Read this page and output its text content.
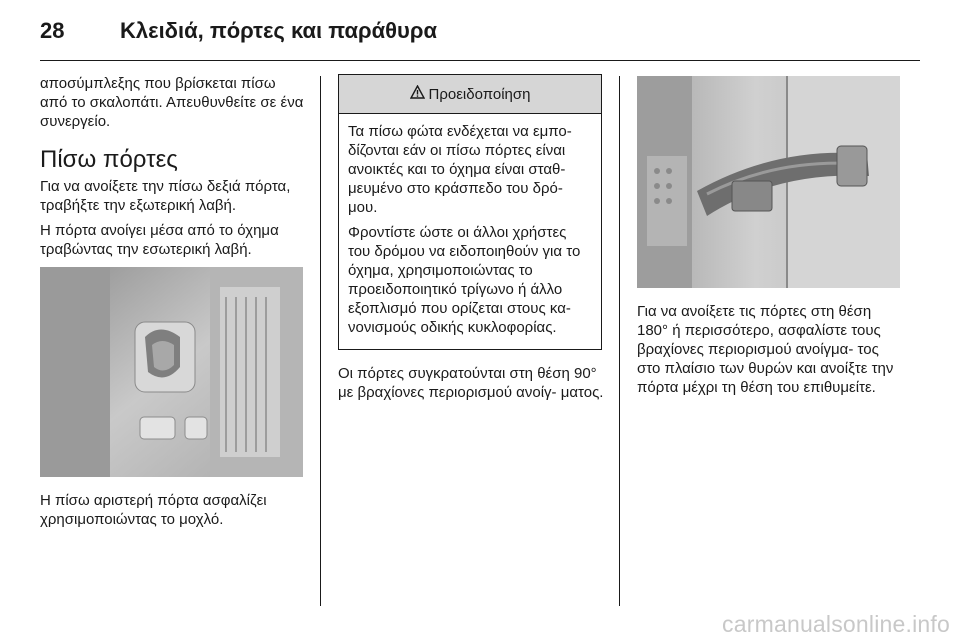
28	Κλειδιά, πόρτες και παράθυρα

αποσύμπλεξης που βρίσκεται πίσω από το σκαλοπάτι. Απευθυνθείτε σε ένα συνεργείο.

Πίσω πόρτες

Για να ανοίξετε την πίσω δεξιά πόρτα, τραβήξτε την εξωτερική λαβή.

Η πόρτα ανοίγει μέσα από το όχημα τραβώντας την εσωτερική λαβή.

Η πίσω αριστερή πόρτα ασφαλίζει χρησιμοποιώντας το μοχλό.

Προειδοποίηση

Τα πίσω φώτα ενδέχεται να εμπο- δίζονται εάν οι πίσω πόρτες είναι ανοικτές και το όχημα είναι σταθ- μευμένο στο κράσπεδο του δρό- μου.

Φροντίστε ώστε οι άλλοι χρήστες του δρόμου να ειδοποιηθούν για το όχημα, χρησιμοποιώντας το προειδοποιητικό τρίγωνο ή άλλο εξοπλισμό που ορίζεται στους κα- νονισμούς οδικής κυκλοφορίας.

Οι πόρτες συγκρατούνται στη θέση 90° με βραχίονες περιορισμού ανοίγ- ματος.

Για να ανοίξετε τις πόρτες στη θέση 180° ή περισσότερο, ασφαλίστε τους βραχίονες περιορισμού ανοίγμα- τος στο πλαίσιο των θυρών και ανοίξτε την πόρτα μέχρι τη θέση του επιθυμείτε.

carmanualsonline.info
